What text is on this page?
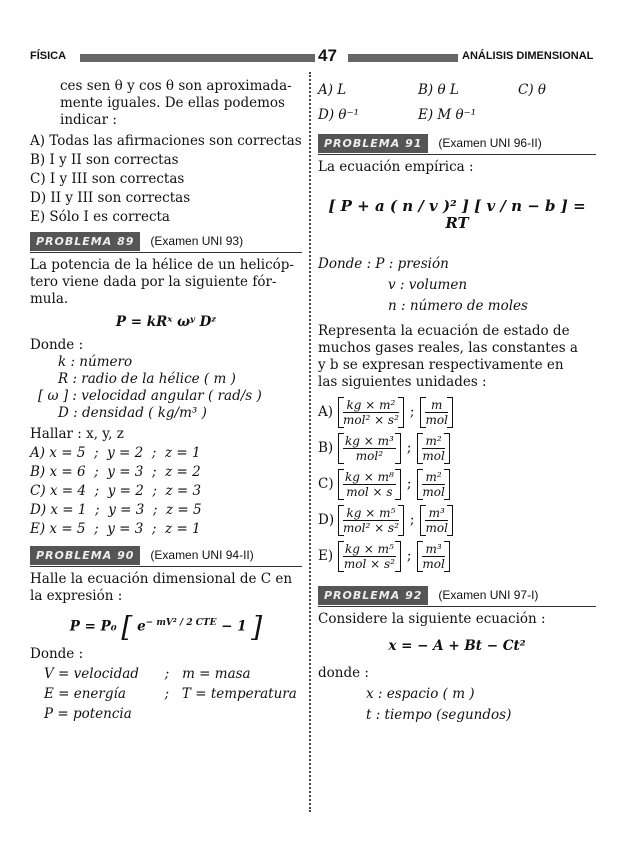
FÍSICA	47	ANÁLISIS DIMENSIONAL

ces sen θ y cos θ son aproximada-

mente iguales. De ellas podemos

indicar :

A) Todas las afirmaciones son correctas

B) I y II son correctas

C) I y III son correctas

D) II y III son correctas

E) Sólo I es correcta

PROBLEMA 89	(Examen UNI 93)

La potencia de la hélice de un helicóp-

tero viene dada por la siguiente fór-

mula.

P = kRˣ ωʸ Dᶻ

Donde :

k : número

R : radio de la hélice ( m )

[ ω ] : velocidad angular ( rad/s )

D : densidad ( kg/m³ )

Hallar : x, y, z

A) x = 5  ;  y = 2  ;  z = 1

B) x = 6  ;  y = 3  ;  z = 2

C) x = 4  ;  y = 2  ;  z = 3

D) x = 1  ;  y = 3  ;  z = 5

E) x = 5  ;  y = 3  ;  z = 1

PROBLEMA 90	(Examen UNI 94-II)

Halle la ecuación dimensional de C en

la expresión :

P = P₀ [ $e^{- mV^2 / 2 CTE} - 1$ ]

Donde :

V = velocidad      ;   m = masa

E = energía         ;   T = temperatura

P = potencia

A) L	B) θ L	C) θ
D) θ⁻¹	E) M θ⁻¹
PROBLEMA 91	(Examen UNI 96-II)

La ecuación empírica :

[ P + a ( n / v )² ] [ v / n − b ] = RT

Donde : P : presión

v : volumen

n : número de moles

Representa la ecuación de estado de

muchos gases reales, las constantes a

y b se expresan respectivamente en

las siguientes unidades :

$A) \frac{\text{kg × m²}}{\text{mol² × s²}}$ ; $\frac{m}{\text{mol}}$
$B) \frac{\text{kg × m³}}{\text{mol²}}$ ; $\frac{\text{m²}}{\text{mol}}$
$C) \frac{\text{kg × m⁸}}{\text{mol × s}}$ ; $\frac{\text{m²}}{\text{mol}}$
$D) \frac{\text{kg × m⁵}}{\text{mol² × s²}}$ ; $\frac{\text{m³}}{\text{mol}}$
$E) \frac{\text{kg × m⁵}}{\text{mol × s²}}$ ; $\frac{\text{m³}}{\text{mol}}$
PROBLEMA 92	(Examen UNI 97-I)

Considere la siguiente ecuación :

x = − A + Bt − Ct²

donde :

x : espacio ( m )

t : tiempo (segundos)
